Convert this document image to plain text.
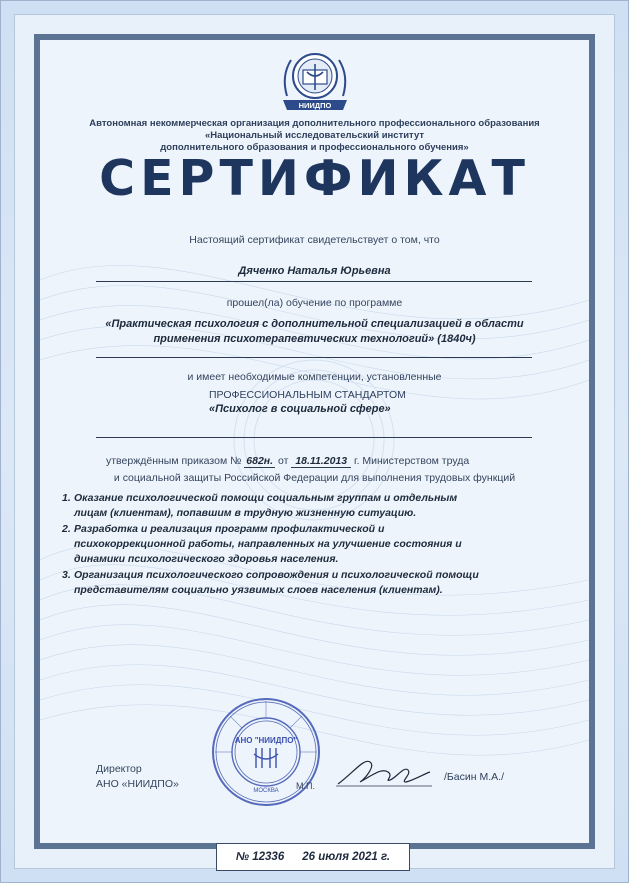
НИИДПО
Автономная некоммерческая организация дополнительного профессионального образования
«Национальный исследовательский институт
дополнительного образования и профессионального обучения»
СЕРТИФИКАТ
Настоящий сертификат свидетельствует о том, что
Дяченко Наталья Юрьевна
прошел(ла) обучение по программе
«Практическая психология с дополнительной специализацией в области
применения психотерапевтических технологий» (1840ч)
и имеет необходимые компетенции, установленные
ПРОФЕССИОНАЛЬНЫМ СТАНДАРТОМ
«Психолог в социальной сфере»
утверждённым приказом № 682н. от 18.11.2013 г. Министерством труда
и социальной защиты Российской Федерации для выполнения трудовых функций
1. Оказание психологической помощи социальным группам и отдельным
лицам (клиентам), попавшим в трудную жизненную ситуацию.
2. Разработка и реализация программ профилактической и
психокоррекционной работы, направленных на улучшение состояния и
динамики психологического здоровья населения.
3. Организация психологического сопровождения и психологической помощи
представителям социально уязвимых слоев населения (клиентам).
АНО "НИИДПО"
МОСКВА
Директор
АНО «НИИДПО»	М.П.
/Басин М.А./
№ 12336 26 июля 2021 г.
